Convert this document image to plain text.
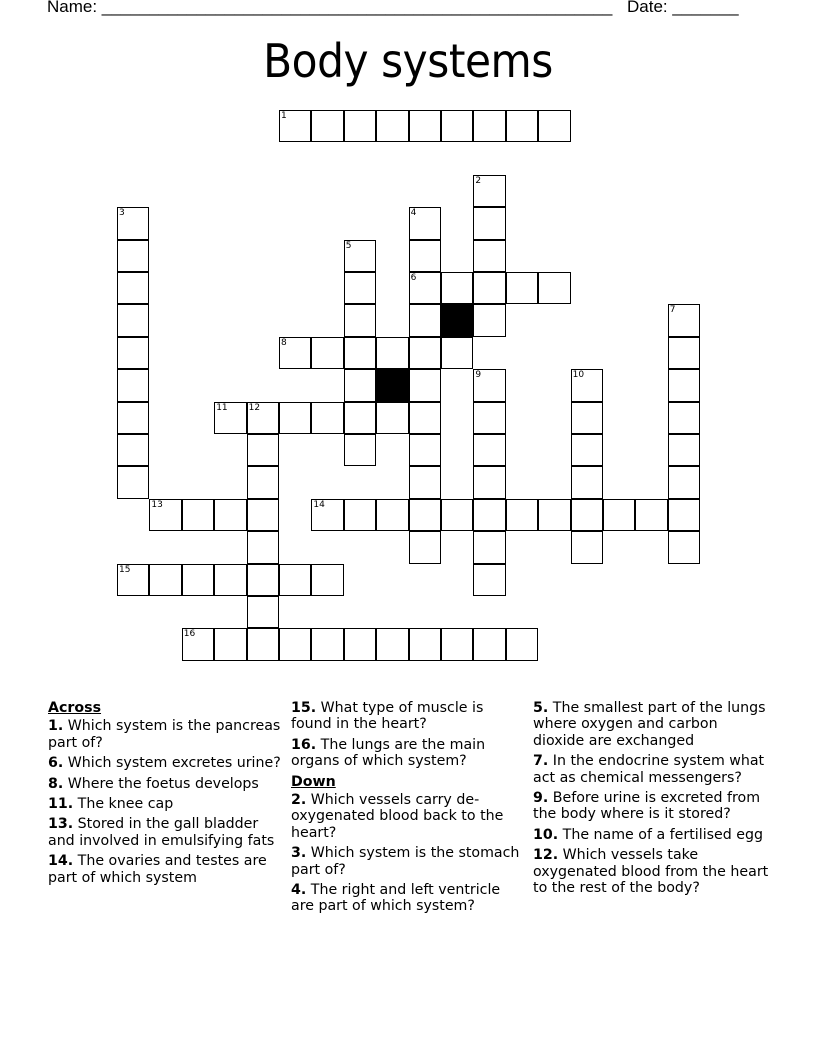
Name: ______________________________________________________ Date: _______
Body systems
1
2
3	4
6
5
7
8
9	10
11 12
13	14
15
16
Across
1. Which system is the pancreas part of?
6. Which system excretes urine?
8. Where the foetus develops
11. The knee cap
13. Stored in the gall bladder and involved in emulsifying fats
14. The ovaries and testes are part of which system
15. What type of muscle is found in the heart?
16. The lungs are the main organs of which system?
Down
2. Which vessels carry de-oxygenated blood back to the heart?
3. Which system is the stomach part of?
4. The right and left ventricle are part of which system?
5. The smallest part of the lungs where oxygen and carbon dioxide are exchanged
7. In the endocrine system what act as chemical messengers?
9. Before urine is excreted from the body where is it stored?
10. The name of a fertilised egg
12. Which vessels take oxygenated blood from the heart to the rest of the body?
